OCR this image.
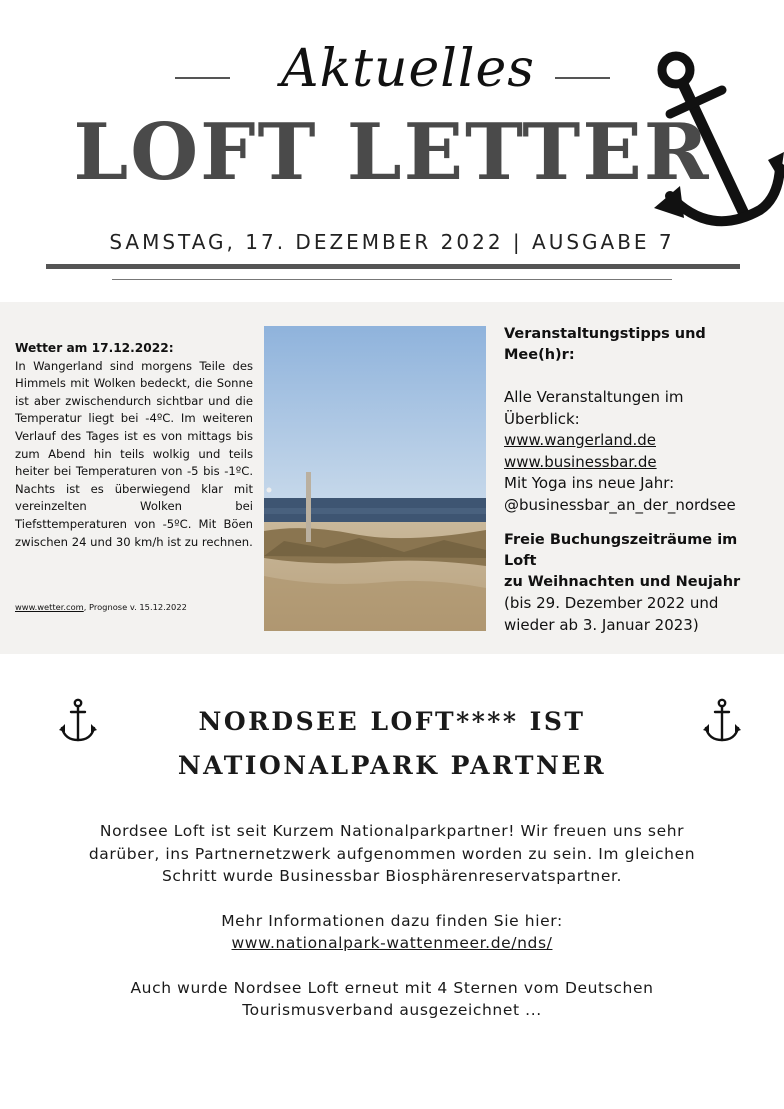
Aktuelles
LOFT LETTER
SAMSTAG, 17. DEZEMBER 2022 | AUSGABE 7
Wetter am 17.12.2022:
In Wangerland sind morgens Teile des Himmels mit Wolken bedeckt, die Sonne ist aber zwischendurch sichtbar und die Temperatur liegt bei -4ºC. Im weiteren Verlauf des Tages ist es von mittags bis zum Abend hin teils wolkig und teils heiter bei Temperaturen von -5 bis -1ºC. Nachts ist es überwiegend klar mit vereinzelten Wolken bei Tiefsttemperaturen von -5ºC. Mit Böen zwischen 24 und 30 km/h ist zu rechnen.
www.wetter.com, Prognose v. 15.12.2022
Veranstaltungstipps und
Mee(h)r:
Alle Veranstaltungen im
Überblick:
www.wangerland.de
www.businessbar.de
Mit Yoga ins neue Jahr:
@businessbar_an_der_nordsee
Freie Buchungszeiträume im Loft
zu Weihnachten und Neujahr
(bis 29. Dezember 2022 und
wieder ab 3. Januar 2023)
NORDSEE LOFT**** IST
NATIONALPARK PARTNER
Nordsee Loft ist seit Kurzem Nationalparkpartner! Wir freuen uns sehr
darüber, ins Partnernetzwerk aufgenommen worden zu sein. Im gleichen
Schritt wurde Businessbar Biosphärenreservatspartner.
Mehr Informationen dazu finden Sie hier:
www.nationalpark-wattenmeer.de/nds/
Auch wurde Nordsee Loft erneut mit 4 Sternen vom Deutschen
Tourismusverband ausgezeichnet ...
